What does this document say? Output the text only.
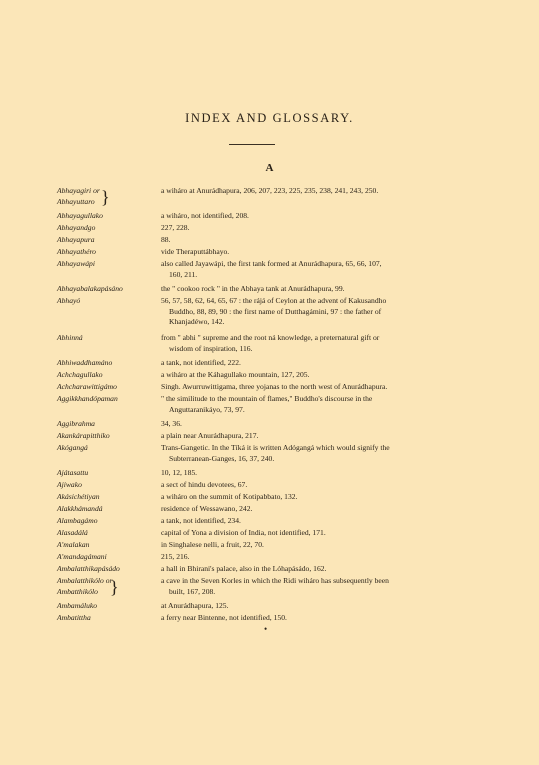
INDEX AND GLOSSARY.
A
Abhayagiri or
Abhayuttaro }	a wiháro at Anurádhapura, 206, 207, 223, 225, 235, 238, 241, 243, 250.
Abhayagullako	a wiháro, not identified, 208.
Abhayandgo	227, 228.
Abhayapura	88.
Abhayathéro	vide Theraputtábhayo.
Abhayawápi	also called Jayawápi, the first tank formed at Anurádhapura, 65, 66, 107,
160, 211.
Abhayabalakapásáno	the " cookoo rock " in the Abhaya tank at Anurádhapura, 99.
Abhayó	56, 57, 58, 62, 64, 65, 67 : the rájá of Ceylon at the advent of Kakusandho
Buddho, 88, 89, 90 : the first name of Dutthagámini, 97 : the father of
Khanjadéwo, 142.
Abhinná	from " abhi " supreme and the root ná knowledge, a preternatural gift or
wisdom of inspiration, 116.
Abhiwaddhamáno	a tank, not identified, 222.
Achchagullako	a wiháro at the Káhagullako mountain, 127, 205.
Achcharawittigámo	Singh. Awurruwittigama, three yojanas to the north west of Anurádhapura.
Aggikkhandópaman	" the similitude to the mountain of flames," Buddho's discourse in the
Anguttaranikáyo, 73, 97.
Aggibrahma	34, 36.
Akankárapitthiko	a plain near Anurádhapura, 217.
Akógangá	Trans-Gangetic. In the Tíká it is written Adógangá which would signify the
Subterranean-Ganges, 16, 37, 240.
Ajátasattu	10, 12, 185.
Ajiwako	a sect of hindu devotees, 67.
Akásichétiyan	a wiháro on the summit of Kotipabbato, 132.
Alakkhámandá	residence of Wessawano, 242.
Alambagámo	a tank, not identified, 234.
Alasadálá	capital of Yona a division of India, not identified, 171.
A'malakan	in Singhalese nelli, a fruit, 22, 70.
A'mandagámani	215, 216.
Ambalatthikapásádo	a hall in Bhirani's palace, also in the Lóhapásádo, 162.
Ambalatthikólo or
Ambatthikólo }	a cave in the Seven Korles in which the Ridi wiháro has subsequently been
built, 167, 208.
Ambamáluko	at Anurádhapura, 125.
Ambatittha	a ferry near Bintenne, not identified, 150.
•
